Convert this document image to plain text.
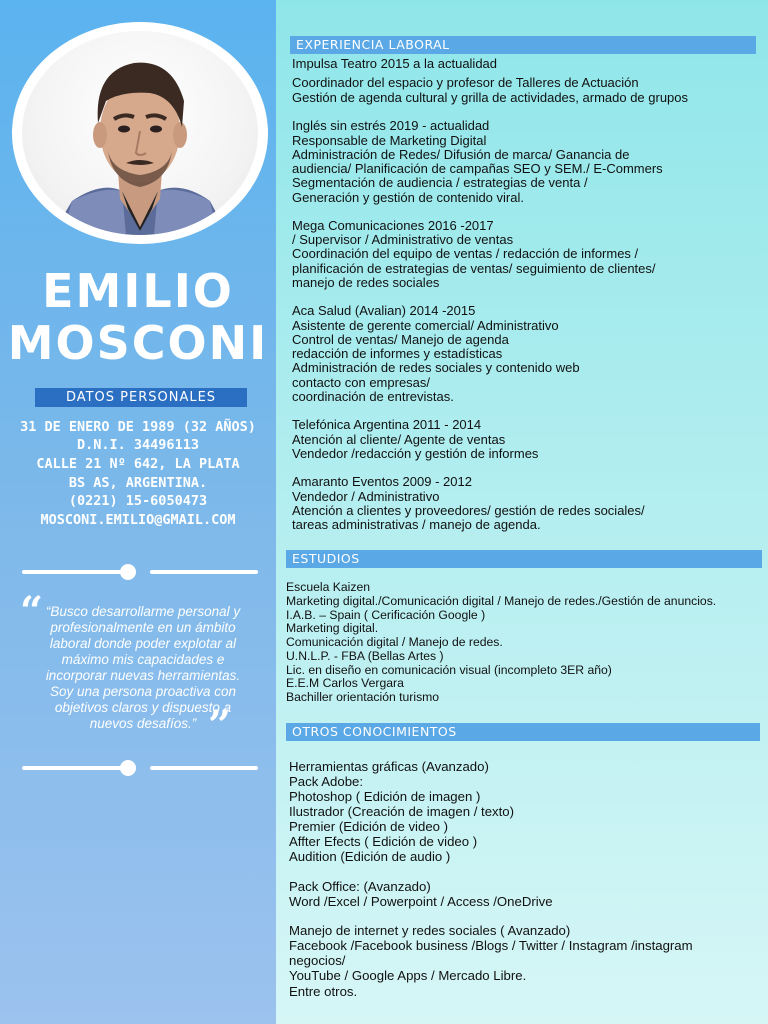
EMILIO
MOSCONI
DATOS PERSONALES
31 DE ENERO DE 1989 (32 AÑOS)
D.N.I. 34496113
CALLE 21 Nº 642, LA PLATA
BS AS, ARGENTINA.
(0221) 15-6050473
MOSCONI.EMILIO@GMAIL.COM
“ “Busco desarrollarme personal y
profesionalmente en un ámbito
laboral donde poder explotar al
máximo mis capacidades e
incorporar nuevas herramientas.
Soy una persona proactiva con
objetivos claros y dispuesto a
nuevos desafíos.” ”
EXPERIENCIA LABORAL
Impulsa Teatro 2015 a la actualidad
Coordinador del espacio y profesor de Talleres de Actuación
Gestión de agenda cultural y grilla de actividades, armado de grupos
Inglés sin estrés 2019 - actualidad
Responsable de Marketing Digital
Administración de Redes/ Difusión de marca/ Ganancia de
audiencia/ Planificación de campañas SEO y SEM./ E-Commers
Segmentación de audiencia / estrategias de venta /
Generación y gestión de contenido viral.
Mega Comunicaciones 2016 -2017
/ Supervisor / Administrativo de ventas
Coordinación del equipo de ventas / redacción de informes /
planificación de estrategias de ventas/ seguimiento de clientes/
manejo de redes sociales
Aca Salud (Avalian) 2014 -2015
Asistente de gerente comercial/ Administrativo
Control de ventas/ Manejo de agenda
redacción de informes y estadísticas
Administración de redes sociales y contenido web
contacto con empresas/
coordinación de entrevistas.
Telefónica Argentina 2011 - 2014
Atención al cliente/ Agente de ventas
Vendedor /redacción y gestión de informes
Amaranto Eventos 2009 - 2012
Vendedor / Administrativo
Atención a clientes y proveedores/ gestión de redes sociales/
tareas administrativas / manejo de agenda.
ESTUDIOS
Escuela Kaizen
Marketing digital./Comunicación digital / Manejo de redes./Gestión de anuncios.
I.A.B. – Spain ( Cerificación Google )
Marketing digital.
Comunicación digital / Manejo de redes.
U.N.L.P. - FBA (Bellas Artes )
Lic. en diseño en comunicación visual (incompleto 3ER año)
E.E.M Carlos Vergara
Bachiller orientación turismo
OTROS CONOCIMIENTOS
Herramientas gráficas (Avanzado)
Pack Adobe:
Photoshop ( Edición de imagen )
Ilustrador (Creación de imagen / texto)
Premier (Edición de video )
Affter Efects ( Edición de video )
Audition (Edición de audio )
Pack Office: (Avanzado)
Word /Excel / Powerpoint / Access /OneDrive
Manejo de internet y redes sociales ( Avanzado)
Facebook /Facebook business /Blogs / Twitter / Instagram /instagram
negocios/
YouTube / Google Apps / Mercado Libre.
Entre otros.
